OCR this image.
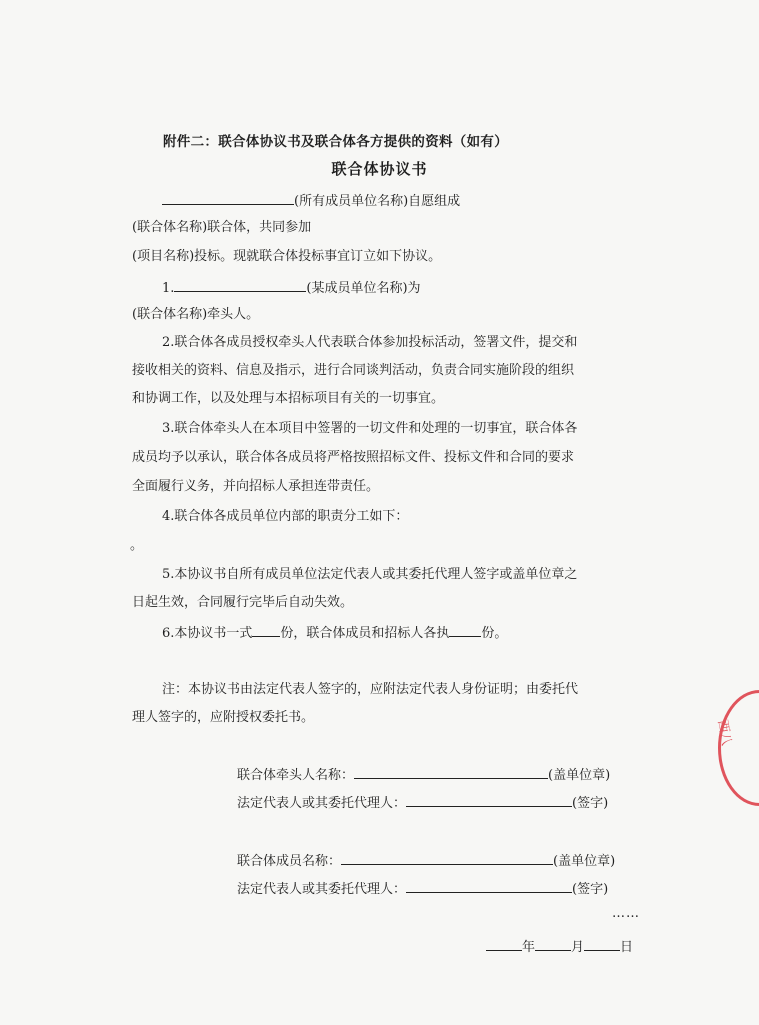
附件二：联合体协议书及联合体各方提供的资料（如有）
联合体协议书
(所有成员单位名称)自愿组成
(联合体名称)联合体，共同参加
(项目名称)投标。现就联合体投标事宜订立如下协议。
1.	(某成员单位名称)为
(联合体名称)牵头人。
2.联合体各成员授权牵头人代表联合体参加投标活动，签署文件，提交和
接收相关的资料、信息及指示，进行合同谈判活动，负责合同实施阶段的组织
和协调工作，以及处理与本招标项目有关的一切事宜。
3.联合体牵头人在本项目中签署的一切文件和处理的一切事宜，联合体各
成员均予以承认，联合体各成员将严格按照招标文件、投标文件和合同的要求
全面履行义务，并向招标人承担连带责任。
4.联合体各成员单位内部的职责分工如下：
。
5.本协议书自所有成员单位法定代表人或其委托代理人签字或盖单位章之
日起生效，合同履行完毕后自动失效。
6.本协议书一式 份，联合体成员和招标人各执 份。
注：本协议书由法定代表人签字的，应附法定代表人身份证明；由委托代
理人签字的，应附授权委托书。
联合体牵头人名称：	(盖单位章)
法定代表人或其委托代理人：	(签字)
联合体成员名称：	(盖单位章)
法定代表人或其委托代理人：	(签字)
……
年	月	日
西八
